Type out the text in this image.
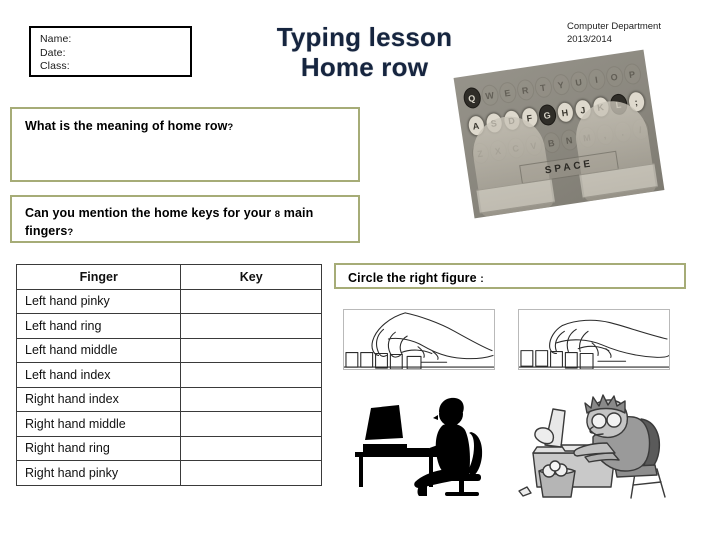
Name:
Date:
Class:
Typing lesson
Home row
Computer Department
2013/2014
What is the meaning of home row?
Can you mention the home keys for your 8 main fingers?
Finger	Key
Left hand pinky	
Left hand ring	
Left hand middle	
Left hand index	
Right hand index	
Right hand middle	
Right hand ring	
Right hand pinky	
Circle the right figure :
Q W	E	R	T	Y	U	I	O	P
A
F	G	H	J
;
B	N
SPACE
